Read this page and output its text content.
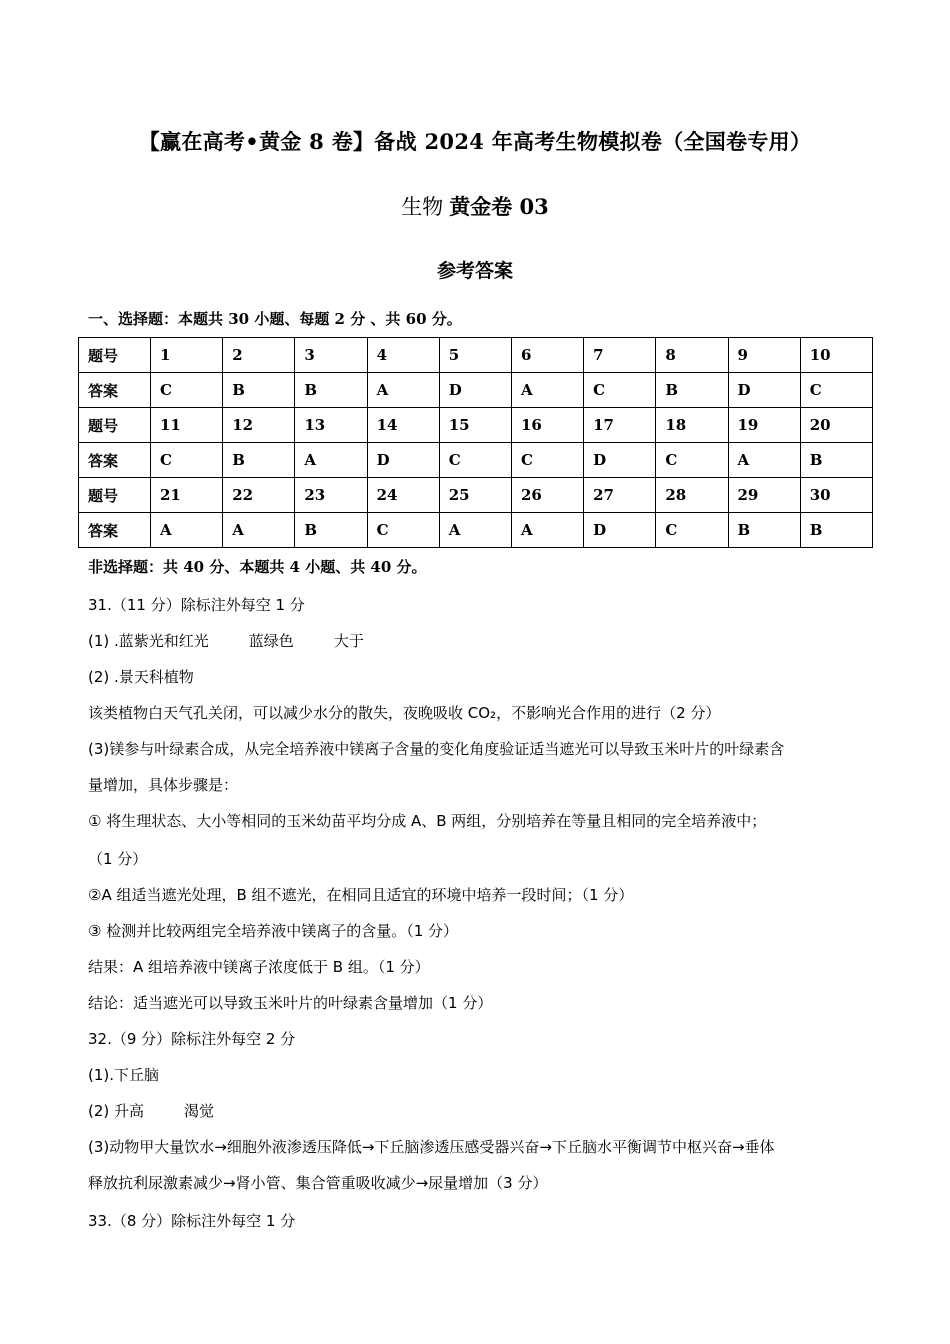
【赢在高考•黄金 8 卷】备战 2024 年高考生物模拟卷（全国卷专用）
生物 黄金卷 03
参考答案
一、选择题：本题共 30 小题、每题 2 分 、共 60 分。
题号	1	2	3	4	5	6	7	8	9	10
答案	C	B	B	A	D	A	C	B	D	C
题号	11	12	13	14	15	16	17	18	19	20
答案	C	B	A	D	C	C	D	C	A	B
题号	21	22	23	24	25	26	27	28	29	30
答案	A	A	B	C	A	A	D	C	B	B
非选择题：共 40 分、本题共 4 小题、共 40 分。
31.（11 分）除标注外每空 1 分
(1) .蓝紫光和红光	蓝绿色	大于
(2) .景天科植物
该类植物白天气孔关闭，可以减少水分的散失，夜晚吸收 CO₂，不影响光合作用的进行（2 分）
(3)镁参与叶绿素合成，从完全培养液中镁离子含量的变化角度验证适当遮光可以导致玉米叶片的叶绿素含
量增加，具体步骤是：
① 将生理状态、大小等相同的玉米幼苗平均分成 A、B 两组，分别培养在等量且相同的完全培养液中；
（1 分）
②A 组适当遮光处理，B 组不遮光，在相同且适宜的环境中培养一段时间；（1 分）
③ 检测并比较两组完全培养液中镁离子的含量。（1 分）
结果：A 组培养液中镁离子浓度低于 B 组。（1 分）
结论：适当遮光可以导致玉米叶片的叶绿素含量增加（1 分）
32.（9 分）除标注外每空 2 分
(1).下丘脑
(2) 升高	渴觉
(3)动物甲大量饮水→细胞外液渗透压降低→下丘脑渗透压感受器兴奋→下丘脑水平衡调节中枢兴奋→垂体
释放抗利尿激素减少→肾小管、集合管重吸收减少→尿量增加（3 分）
33.（8 分）除标注外每空 1 分
